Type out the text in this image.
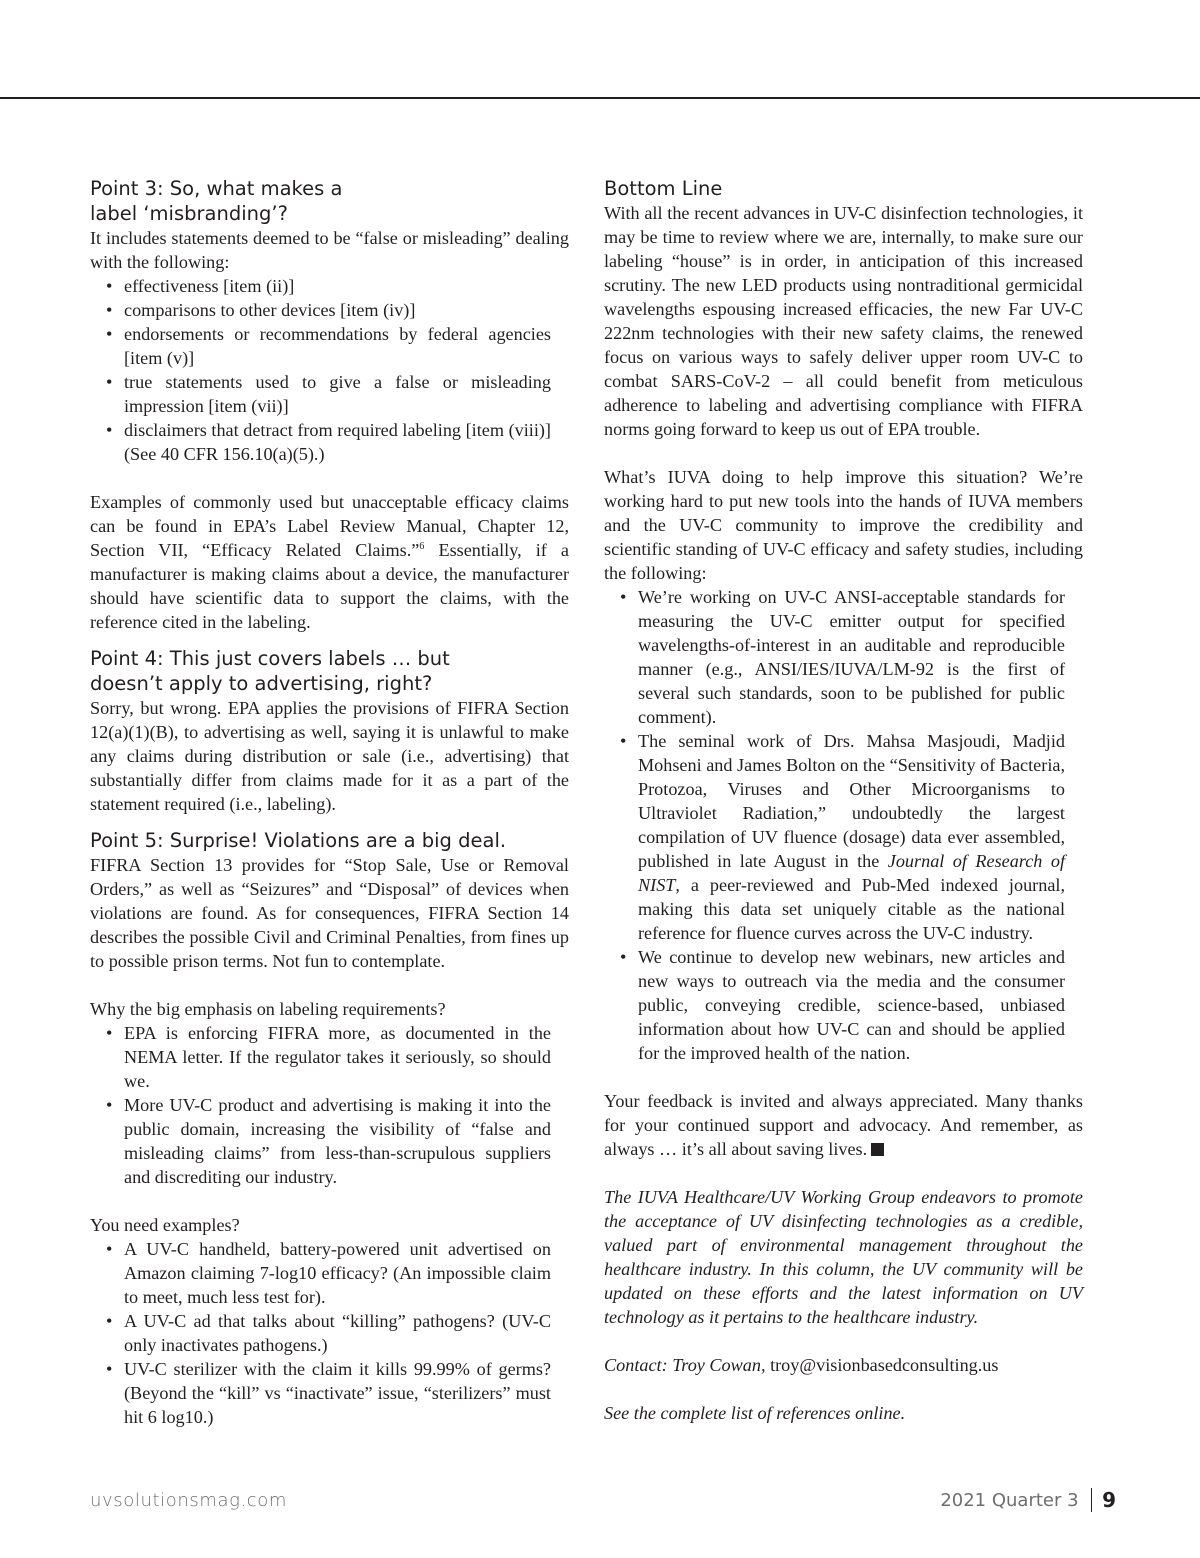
Point 3: So, what makes a
label ‘misbranding’?

It includes statements deemed to be “false or misleading” dealing with the following:

• effectiveness [item (ii)]
• comparisons to other devices [item (iv)]
• endorsements or recommendations by federal agencies [item (v)]
• true statements used to give a false or misleading impression [item (vii)]
• disclaimers that detract from required labeling [item (viii)] (See 40 CFR 156.10(a)(5).)

Examples of commonly used but unacceptable efficacy claims can be found in EPA’s Label Review Manual, Chapter 12, Section VII, “Efficacy Related Claims.”$^6$ Essentially, if a manufacturer is making claims about a device, the manufacturer should have scientific data to support the claims, with the reference cited in the labeling.

Point 4: This just covers labels … but
doesn’t apply to advertising, right?

Sorry, but wrong. EPA applies the provisions of FIFRA Section 12(a)(1)(B), to advertising as well, saying it is unlawful to make any claims during distribution or sale (i.e., advertising) that substantially differ from claims made for it as a part of the statement required (i.e., labeling).

Point 5: Surprise! Violations are a big deal.

FIFRA Section 13 provides for “Stop Sale, Use or Removal Orders,” as well as “Seizures” and “Disposal” of devices when violations are found. As for consequences, FIFRA Section 14 describes the possible Civil and Criminal Penalties, from fines up to possible prison terms. Not fun to contemplate.

Why the big emphasis on labeling requirements?

• EPA is enforcing FIFRA more, as documented in the NEMA letter. If the regulator takes it seriously, so should we.
• More UV-C product and advertising is making it into the public domain, increasing the visibility of “false and misleading claims” from less-than-scrupulous suppliers and discrediting our industry.

You need examples?

• A UV-C handheld, battery-powered unit advertised on Amazon claiming 7-log10 efficacy? (An impossible claim to meet, much less test for).
• A UV-C ad that talks about “killing” pathogens? (UV-C only inactivates pathogens.)
• UV-C sterilizer with the claim it kills 99.99% of germs? (Beyond the “kill” vs “inactivate” issue, “sterilizers” must hit 6 log10.)
Bottom Line

With all the recent advances in UV-C disinfection technologies, it may be time to review where we are, internally, to make sure our labeling “house” is in order, in anticipation of this increased scrutiny. The new LED products using nontraditional germicidal wavelengths espousing increased efficacies, the new Far UV-C 222nm technologies with their new safety claims, the renewed focus on various ways to safely deliver upper room UV-C to combat SARS-CoV-2 – all could benefit from meticulous adherence to labeling and advertising compliance with FIFRA norms going forward to keep us out of EPA trouble.

What’s IUVA doing to help improve this situation? We’re working hard to put new tools into the hands of IUVA members and the UV-C community to improve the credibility and scientific standing of UV-C efficacy and safety studies, including the following:

• We’re working on UV-C ANSI-acceptable standards for measuring the UV-C emitter output for specified wavelengths-of-interest in an auditable and reproducible manner (e.g., ANSI/IES/IUVA/LM-92 is the first of several such standards, soon to be published for public comment).
• The seminal work of Drs. Mahsa Masjoudi, Madjid Mohseni and James Bolton on the “Sensitivity of Bacteria, Protozoa, Viruses and Other Microorganisms to Ultraviolet Radiation,” undoubtedly the largest compilation of UV fluence (dosage) data ever assembled, published in late August in the Journal of Research of NIST, a peer-reviewed and Pub-Med indexed journal, making this data set uniquely citable as the national reference for fluence curves across the UV-C industry.
• We continue to develop new webinars, new articles and new ways to outreach via the media and the consumer public, conveying credible, science-based, unbiased information about how UV-C can and should be applied for the improved health of the nation.

Your feedback is invited and always appreciated. Many thanks for your continued support and advocacy. And remember, as always … it’s all about saving lives.

The IUVA Healthcare/UV Working Group endeavors to promote the acceptance of UV disinfecting technologies as a credible, valued part of environmental management throughout the healthcare industry. In this column, the UV community will be updated on these efforts and the latest information on UV technology as it pertains to the healthcare industry.

Contact: Troy Cowan, troy@visionbasedconsulting.us

See the complete list of references online.

uvsolutionsmag.com	2021 Quarter 3 9
